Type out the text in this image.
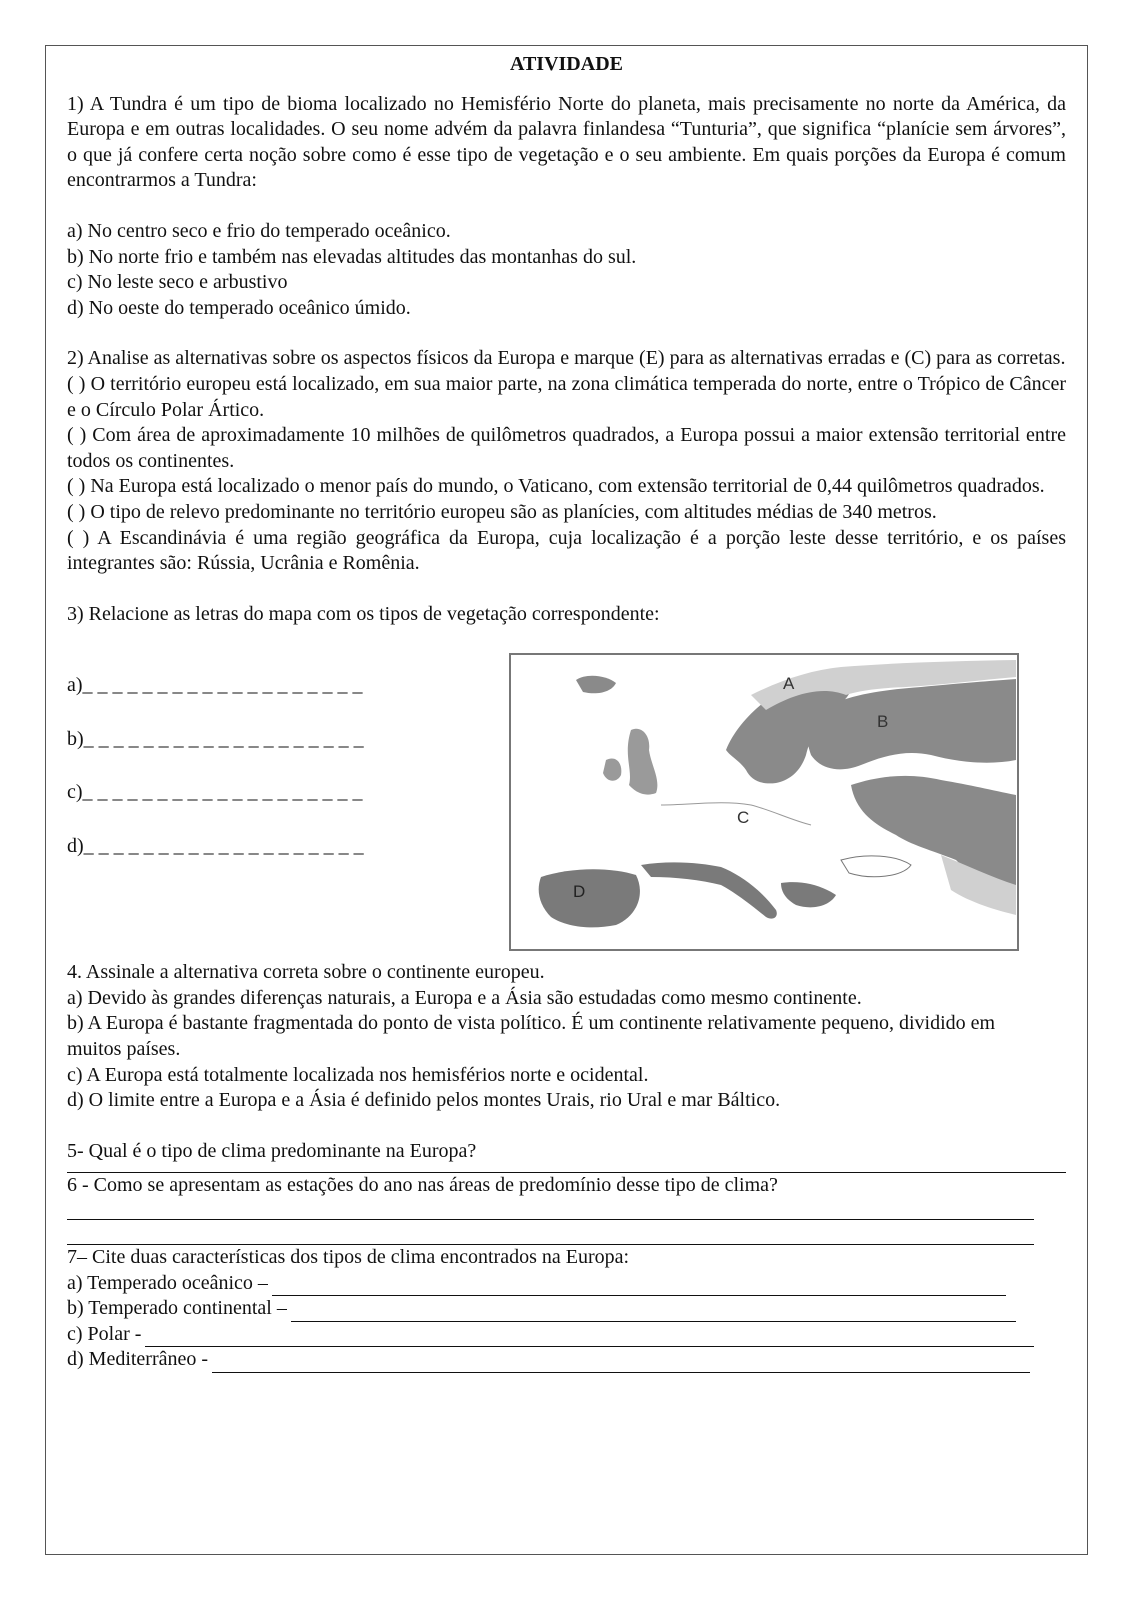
ATIVIDADE

1) A Tundra é um tipo de bioma localizado no Hemisfério Norte do planeta, mais precisamente no norte da América, da Europa e em outras localidades. O seu nome advém da palavra finlandesa “Tunturia”, que significa “planície sem árvores”, o que já confere certa noção sobre como é esse tipo de vegetação e o seu ambiente. Em quais porções da Europa é comum encontrarmos a Tundra:

a) No centro seco e frio do temperado oceânico.

b) No norte frio e também nas elevadas altitudes das montanhas do sul.

c) No leste seco e arbustivo

d) No oeste do temperado oceânico úmido.

2) Analise as alternativas sobre os aspectos físicos da Europa e marque (E) para as alternativas erradas e (C) para as corretas.

( ) O território europeu está localizado, em sua maior parte, na zona climática temperada do norte, entre o Trópico de Câncer e o Círculo Polar Ártico.

( ) Com área de aproximadamente 10 milhões de quilômetros quadrados, a Europa possui a maior extensão territorial entre todos os continentes.

( ) Na Europa está localizado o menor país do mundo, o Vaticano, com extensão territorial de 0,44 quilômetros quadrados.

( ) O tipo de relevo predominante no território europeu são as planícies, com altitudes médias de 340 metros.

( ) A Escandinávia é uma região geográfica da Europa, cuja localização é a porção leste desse território, e os países integrantes são: Rússia, Ucrânia e Romênia.

3) Relacione as letras do mapa com os tipos de vegetação correspondente:

a)_ _ _ _ _ _ _ _ _ _ _ _ _ _ _ _ _ _ _
b)_ _ _ _ _ _ _ _ _ _ _ _ _ _ _ _ _ _ _
c)_ _ _ _ _ _ _ _ _ _ _ _ _ _ _ _ _ _ _
d)_ _ _ _ _ _ _ _ _ _ _ _ _ _ _ _ _ _ _
A
B
C
D

4. Assinale a alternativa correta sobre o continente europeu.

a) Devido às grandes diferenças naturais, a Europa e a Ásia são estudadas como mesmo continente.

b) A Europa é bastante fragmentada do ponto de vista político. É um continente relativamente pequeno, dividido em muitos países.

c) A Europa está totalmente localizada nos hemisférios norte e ocidental.

d) O limite entre a Europa e a Ásia é definido pelos montes Urais, rio Ural e mar Báltico.

5- Qual é o tipo de clima predominante na Europa?

6 - Como se apresentam as estações do ano nas áreas de predomínio desse tipo de clima?

7– Cite duas características dos tipos de clima encontrados na Europa:

a) Temperado oceânico –
b) Temperado continental –
c) Polar -
d) Mediterrâneo -
